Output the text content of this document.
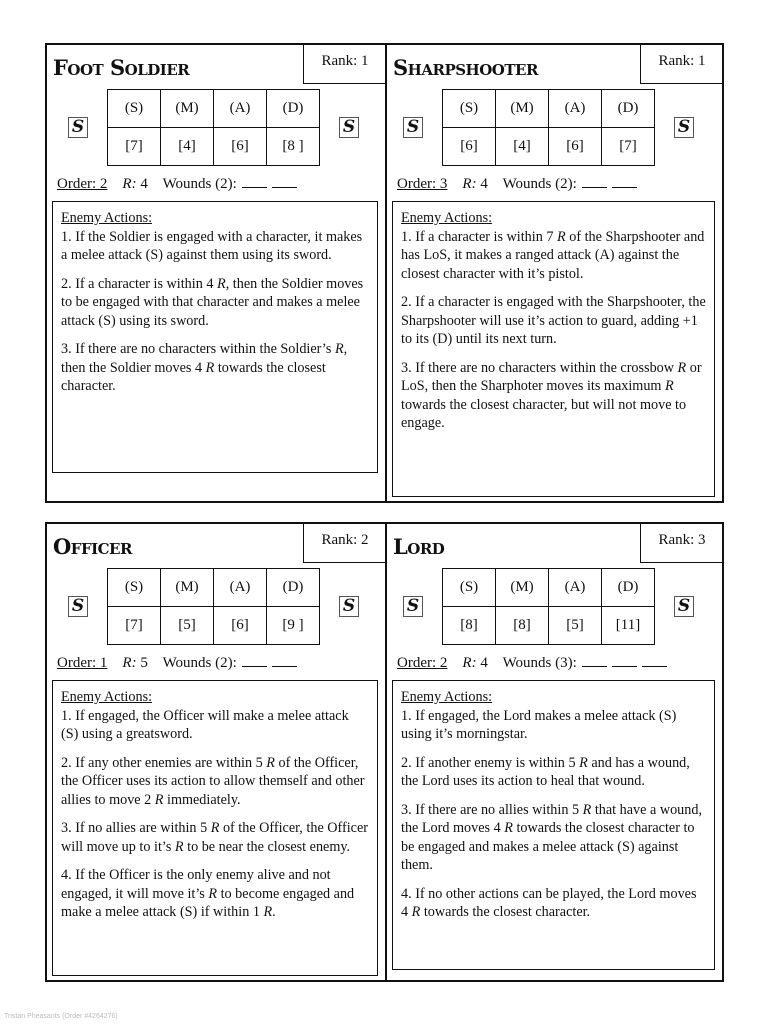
Foot Soldier	Rank: 1
(S)	(M)	(A)	(D)
[7]	[4]	[6]	[8 ]
S	S
Order: 2 R: 4 Wounds (2):
Enemy Actions:

1. If the Soldier is engaged with a character, it makes a melee attack (S) against them using its sword.

2. If a character is within 4 R, then the Soldier moves to be engaged with that character and makes a melee attack (S) using its sword.

3. If there are no characters within the Soldier’s R, then the Soldier moves 4 R towards the closest character.

Sharpshooter	Rank: 1
(S)	(M)	(A)	(D)
[6]	[4]	[6]	[7]
S	S
Order: 3 R: 4 Wounds (2):
Enemy Actions:

1. If a character is within 7 R of the Sharpshooter and has LoS, it makes a ranged attack (A) against the closest character with it’s pistol.

2. If a character is engaged with the Sharpshooter, the Sharpshooter will use it’s action to guard, adding +1 to its (D) until its next turn.

3. If there are no characters within the crossbow R or LoS, then the Sharphoter moves its maximum R towards the closest character, but will not move to engage.

Officer	Rank: 2
(S)	(M)	(A)	(D)
[7]	[5]	[6]	[9 ]
S	S
Order: 1 R: 5 Wounds (2):
Enemy Actions:

1. If engaged, the Officer will make a melee attack (S) using a greatsword.

2. If any other enemies are within 5 R of the Officer, the Officer uses its action to allow themself and other allies to move 2 R immediately.

3. If no allies are within 5 R of the Officer, the Officer will move up to it’s R to be near the closest enemy.

4. If the Officer is the only enemy alive and not engaged, it will move it’s R to become engaged and make a melee attack (S) if within 1 R.

Lord	Rank: 3
(S)	(M)	(A)	(D)
[8]	[8]	[5]	[11]
S	S
Order: 2 R: 4 Wounds (3):
Enemy Actions:

1. If engaged, the Lord makes a melee attack (S) using it’s morningstar.

2. If another enemy is within 5 R and has a wound, the Lord uses its action to heal that wound.

3. If there are no allies within 5 R that have a wound, the Lord moves 4 R towards the closest character to be engaged and makes a melee attack (S) against them.

4. If no other actions can be played, the Lord moves 4 R towards the closest character.

Tristan Pheasants (Order #4264276)
